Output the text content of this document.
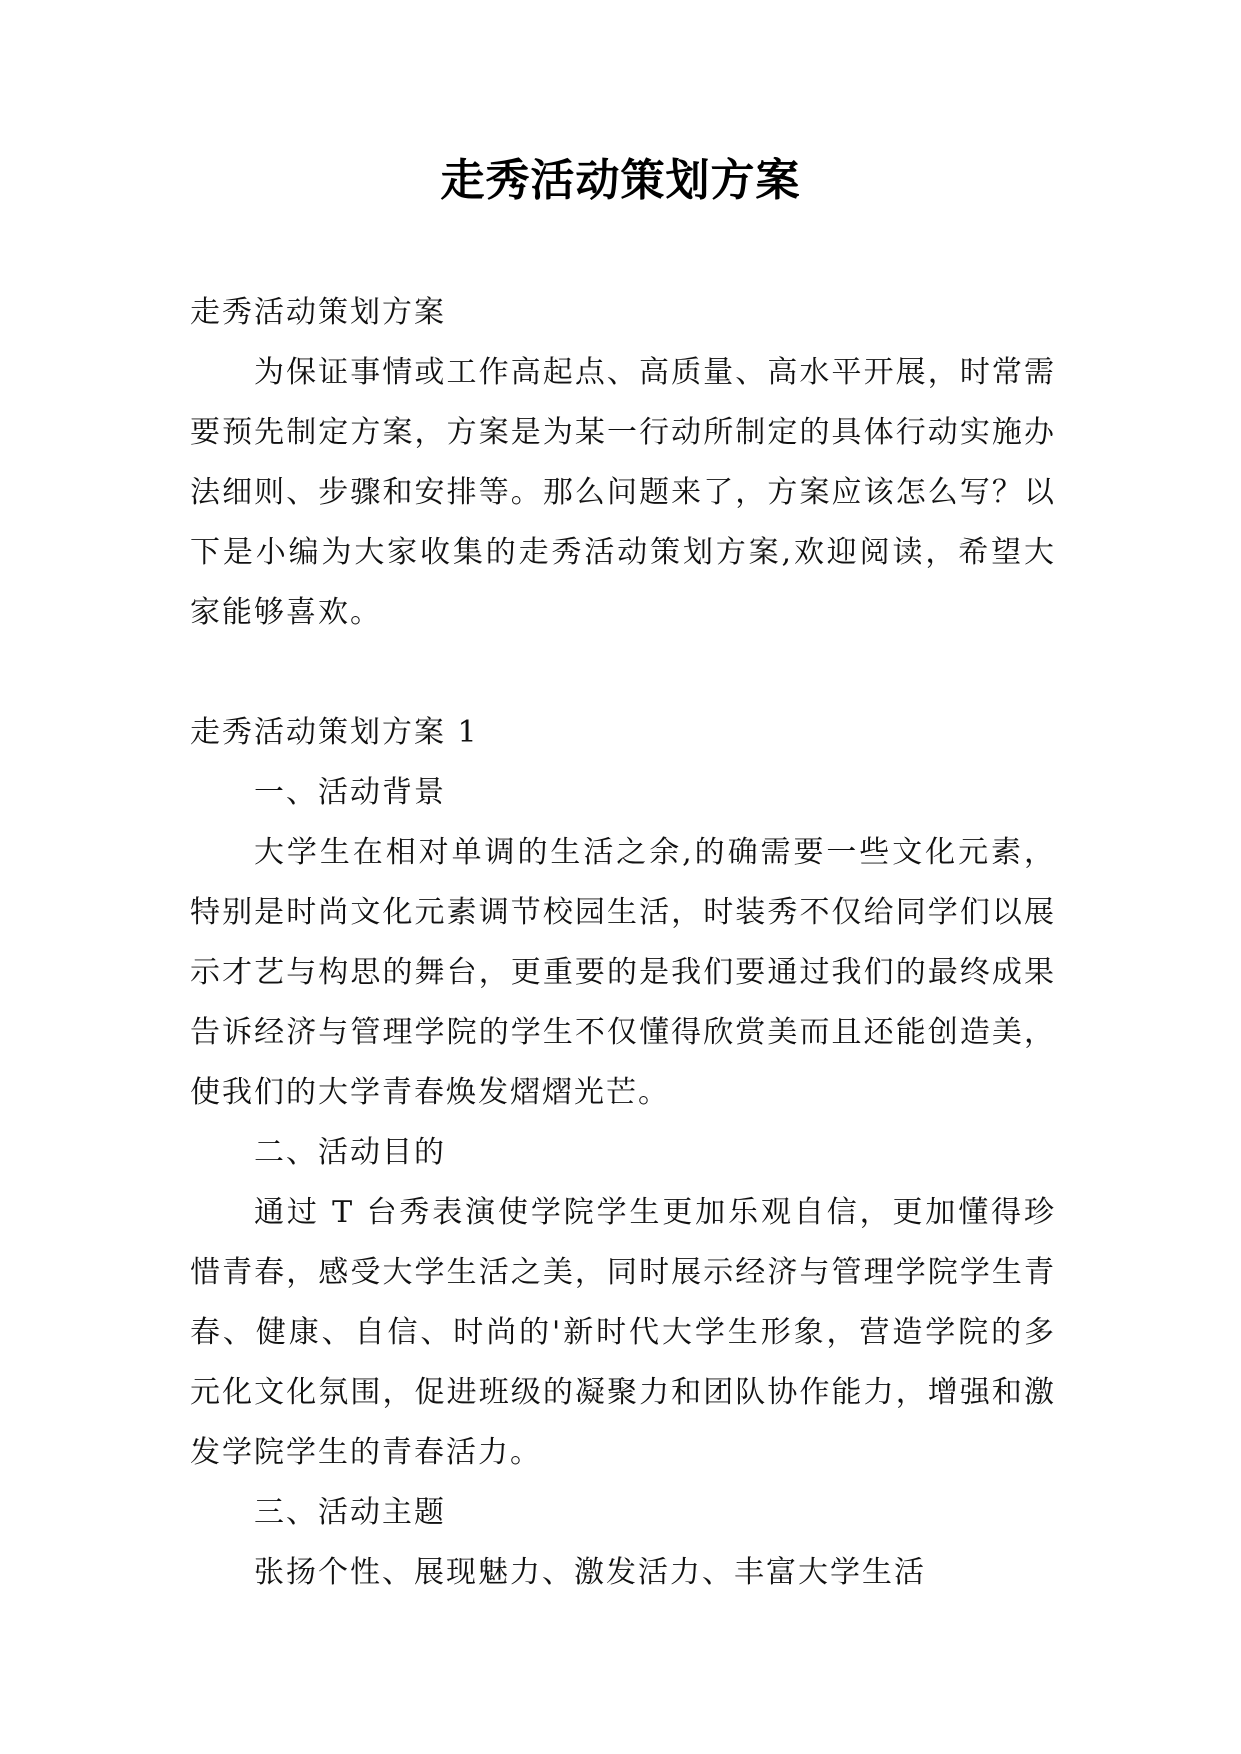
走秀活动策划方案

走秀活动策划方案

为保证事情或工作高起点、高质量、高水平开展，时常需要预先制定方案，方案是为某一行动所制定的具体行动实施办法细则、步骤和安排等。那么问题来了，方案应该怎么写？以下是小编为大家收集的走秀活动策划方案,欢迎阅读，希望大家能够喜欢。

走秀活动策划方案 1

一、活动背景

大学生在相对单调的生活之余,的确需要一些文化元素，特别是时尚文化元素调节校园生活，时装秀不仅给同学们以展示才艺与构思的舞台，更重要的是我们要通过我们的最终成果告诉经济与管理学院的学生不仅懂得欣赏美而且还能创造美，使我们的大学青春焕发熠熠光芒。

二、活动目的

通过 T 台秀表演使学院学生更加乐观自信，更加懂得珍惜青春，感受大学生活之美，同时展示经济与管理学院学生青春、健康、自信、时尚的'新时代大学生形象，营造学院的多元化文化氛围，促进班级的凝聚力和团队协作能力，增强和激发学院学生的青春活力。

三、活动主题

张扬个性、展现魅力、激发活力、丰富大学生活
